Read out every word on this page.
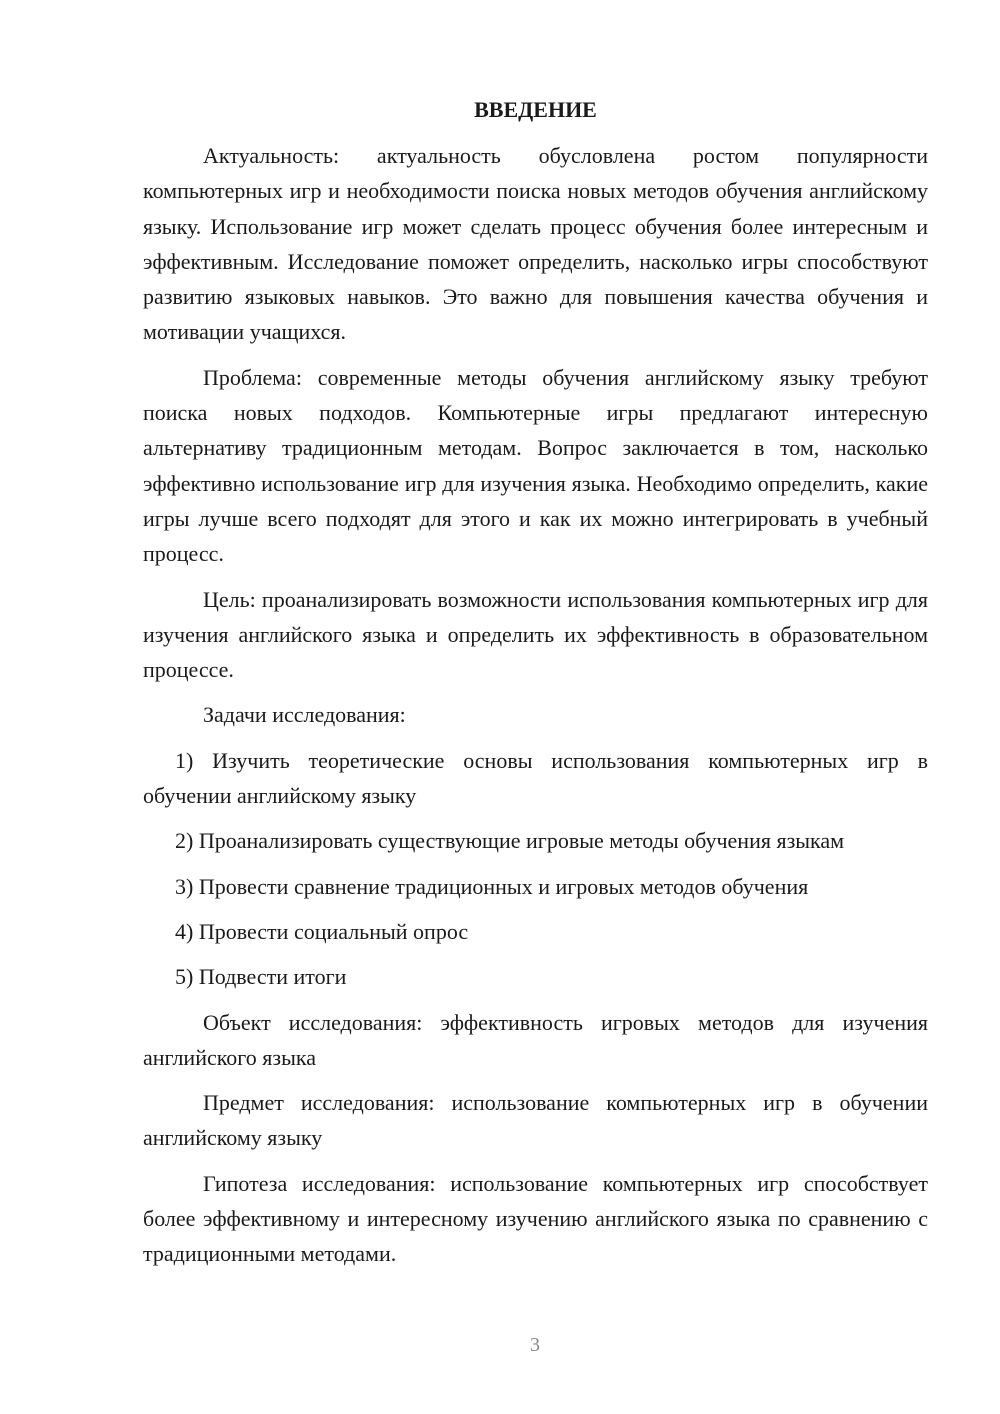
ВВЕДЕНИЕ

Актуальность: актуальность обусловлена ростом популярности компьютерных игр и необходимости поиска новых методов обучения английскому языку. Использование игр может сделать процесс обучения более интересным и эффективным. Исследование поможет определить, насколько игры способствуют развитию языковых навыков. Это важно для повышения качества обучения и мотивации учащихся.

Проблема: современные методы обучения английскому языку требуют поиска новых подходов. Компьютерные игры предлагают интересную альтернативу традиционным методам. Вопрос заключается в том, насколько эффективно использование игр для изучения языка. Необходимо определить, какие игры лучше всего подходят для этого и как их можно интегрировать в учебный процесс.

Цель: проанализировать возможности использования компьютерных игр для изучения английского языка и определить их эффективность в образовательном процессе.

Задачи исследования:

1) Изучить теоретические основы использования компьютерных игр в обучении английскому языку

2) Проанализировать существующие игровые методы обучения языкам

3) Провести сравнение традиционных и игровых методов обучения

4) Провести социальный опрос

5) Подвести итоги

Объект исследования: эффективность игровых методов для изучения английского языка

Предмет исследования: использование компьютерных игр в обучении английскому языку

Гипотеза исследования: использование компьютерных игр способствует более эффективному и интересному изучению английского языка по сравнению с традиционными методами.

3
